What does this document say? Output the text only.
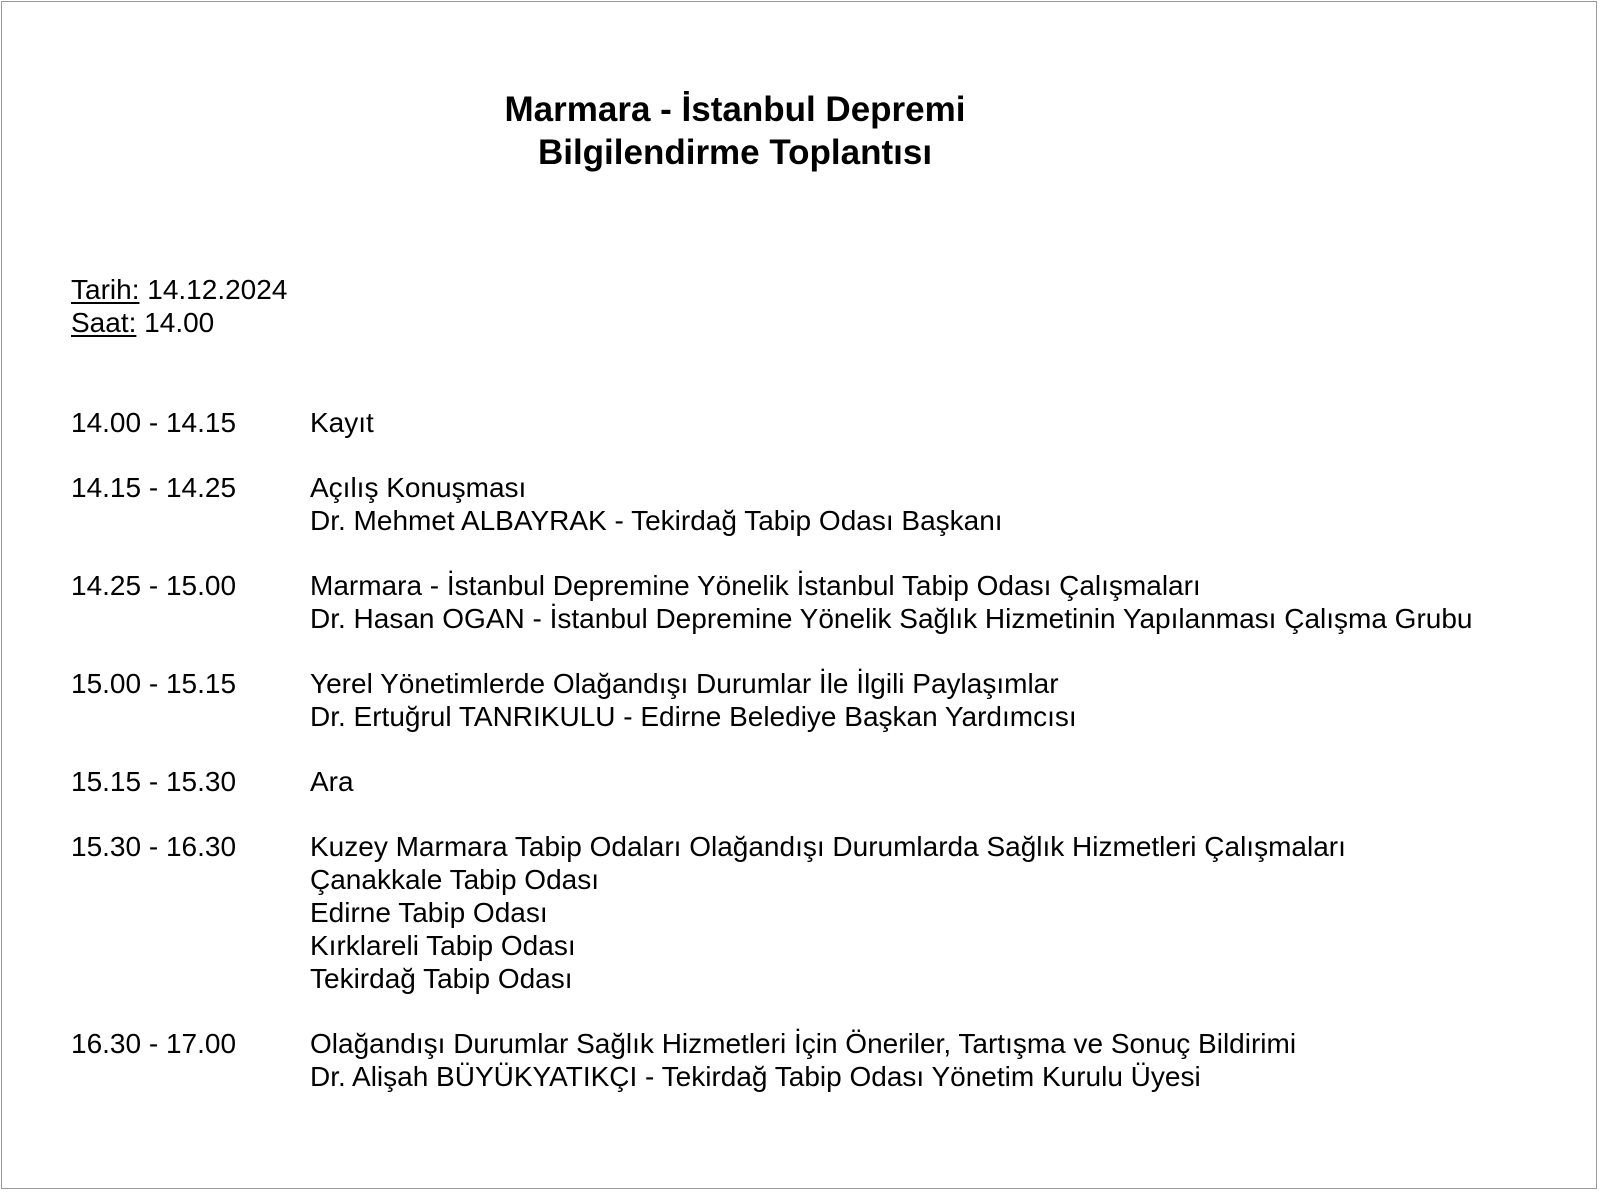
Marmara - İstanbul Depremi
Bilgilendirme Toplantısı
Tarih: 14.12.2024
Saat: 14.00
14.00 - 14.15	Kayıt
14.15 - 14.25	Açılış Konuşması
Dr. Mehmet ALBAYRAK - Tekirdağ Tabip Odası Başkanı
14.25 - 15.00	Marmara - İstanbul Depremine Yönelik İstanbul Tabip Odası Çalışmaları
Dr. Hasan OGAN - İstanbul Depremine Yönelik Sağlık Hizmetinin Yapılanması Çalışma Grubu
15.00 - 15.15	Yerel Yönetimlerde Olağandışı Durumlar İle İlgili Paylaşımlar
Dr. Ertuğrul TANRIKULU - Edirne Belediye Başkan Yardımcısı
15.15 - 15.30	Ara
15.30 - 16.30	Kuzey Marmara Tabip Odaları Olağandışı Durumlarda Sağlık Hizmetleri Çalışmaları
Çanakkale Tabip Odası
Edirne Tabip Odası
Kırklareli Tabip Odası
Tekirdağ Tabip Odası
16.30 - 17.00	Olağandışı Durumlar Sağlık Hizmetleri İçin Öneriler, Tartışma ve Sonuç Bildirimi
Dr. Alişah BÜYÜKYATIKÇI - Tekirdağ Tabip Odası Yönetim Kurulu Üyesi
